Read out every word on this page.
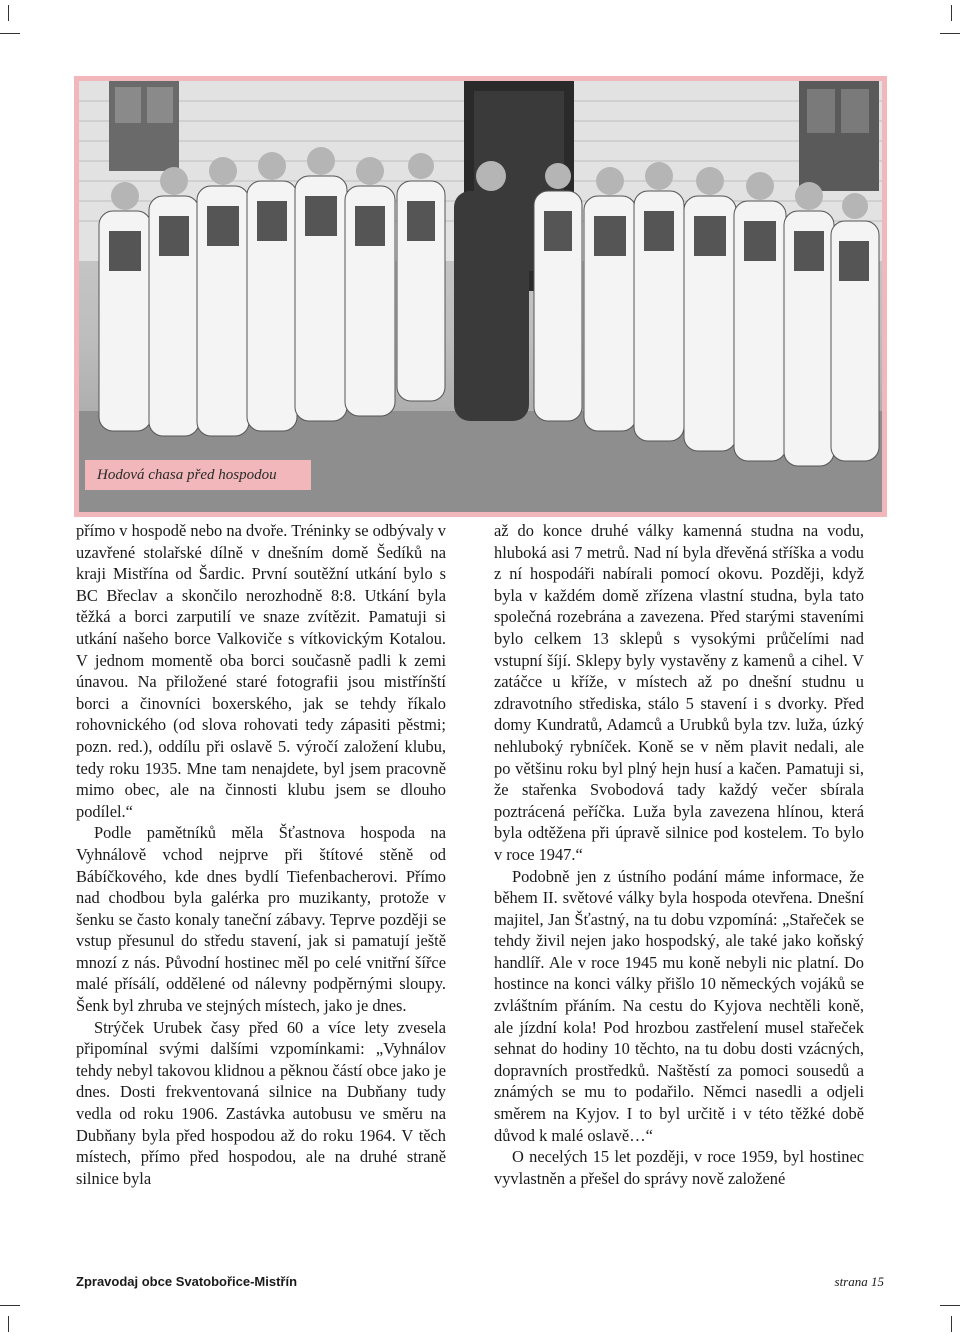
Hodová chasa před hospodou

přímo v hospodě nebo na dvoře. Tréninky se odbývaly v uzavřené stolařské dílně v dnešním domě Šedíků na kraji Mistřína od Šardic. První soutěžní utkání bylo s BC Břeclav a skončilo nerozhodně 8:8. Utkání byla těžká a borci zarputilí ve snaze zvítězit. Pamatuji si utkání našeho borce Valkoviče s vítkovickým Kotalou. V jednom momentě oba borci současně padli k zemi únavou. Na přiložené staré fotografii jsou mistřínští borci a činovníci boxerského, jak se tehdy říkalo rohovnického (od slova rohovati tedy zápasiti pěstmi; pozn. red.), oddílu při oslavě 5. výročí založení klubu, tedy roku 1935. Mne tam nenajdete, byl jsem pracovně mimo obec, ale na činnosti klubu jsem se dlouho podílel.“

Podle pamětníků měla Šťastnova hospoda na Vyhnálově vchod nejprve při štítové stěně od Bábíčkového, kde dnes bydlí Tiefenbacherovi. Přímo nad chodbou byla galérka pro muzikanty, protože v šenku se často konaly taneční zábavy. Teprve později se vstup přesunul do středu stavení, jak si pamatují ještě mnozí z nás. Původní hostinec měl po celé vnitřní šířce malé přísálí, oddělené od nálevny podpěrnými sloupy. Šenk byl zhruba ve stejných místech, jako je dnes.

Strýček Urubek časy před 60 a více lety zvesela připomínal svými dalšími vzpomínkami: „Vyhnálov tehdy nebyl takovou klidnou a pěknou částí obce jako je dnes. Dosti frekventovaná silnice na Dubňany tudy vedla od roku 1906. Zastávka autobusu ve směru na Dubňany byla před hospodou až do roku 1964. V těch místech, přímo před hospodou, ale na druhé straně silnice byla

až do konce druhé války kamenná studna na vodu, hluboká asi 7 metrů. Nad ní byla dřevěná stříška a vodu z ní hospodáři nabírali pomocí okovu. Později, když byla v každém domě zřízena vlastní studna, byla tato společná rozebrána a zavezena. Před starými staveními bylo celkem 13 sklepů s vysokými průčelími nad vstupní šíjí. Sklepy byly vystavěny z kamenů a cihel. V zatáčce u kříže, v místech až po dnešní studnu u zdravotního střediska, stálo 5 stavení i s dvorky. Před domy Kundratů, Adamců a Urubků byla tzv. luža, úzký nehluboký rybníček. Koně se v něm plavit nedali, ale po většinu roku byl plný hejn husí a kačen. Pamatuji si, že stařenka Svobodová tady každý večer sbírala poztrácená peříčka. Luža byla zavezena hlínou, která byla odtěžena při úpravě silnice pod kostelem. To bylo v roce 1947.“

Podobně jen z ústního podání máme informace, že během II. světové války byla hospoda otevřena. Dnešní majitel, Jan Šťastný, na tu dobu vzpomíná: „Stařeček se tehdy živil nejen jako hospodský, ale také jako koňský handlíř. Ale v roce 1945 mu koně nebyli nic platní. Do hostince na konci války přišlo 10 německých vojáků se zvláštním přáním. Na cestu do Kyjova nechtěli koně, ale jízdní kola! Pod hrozbou zastřelení musel stařeček sehnat do hodiny 10 těchto, na tu dobu dosti vzácných, dopravních prostředků. Naštěstí za pomoci sousedů a známých se mu to podařilo. Němci nasedli a odjeli směrem na Kyjov. I to byl určitě i v této těžké době důvod k malé oslavě…“

O necelých 15 let později, v roce 1959, byl hostinec vyvlastněn a přešel do správy nově založené

Zpravodaj obce Svatobořice-Mistřín	strana 15
